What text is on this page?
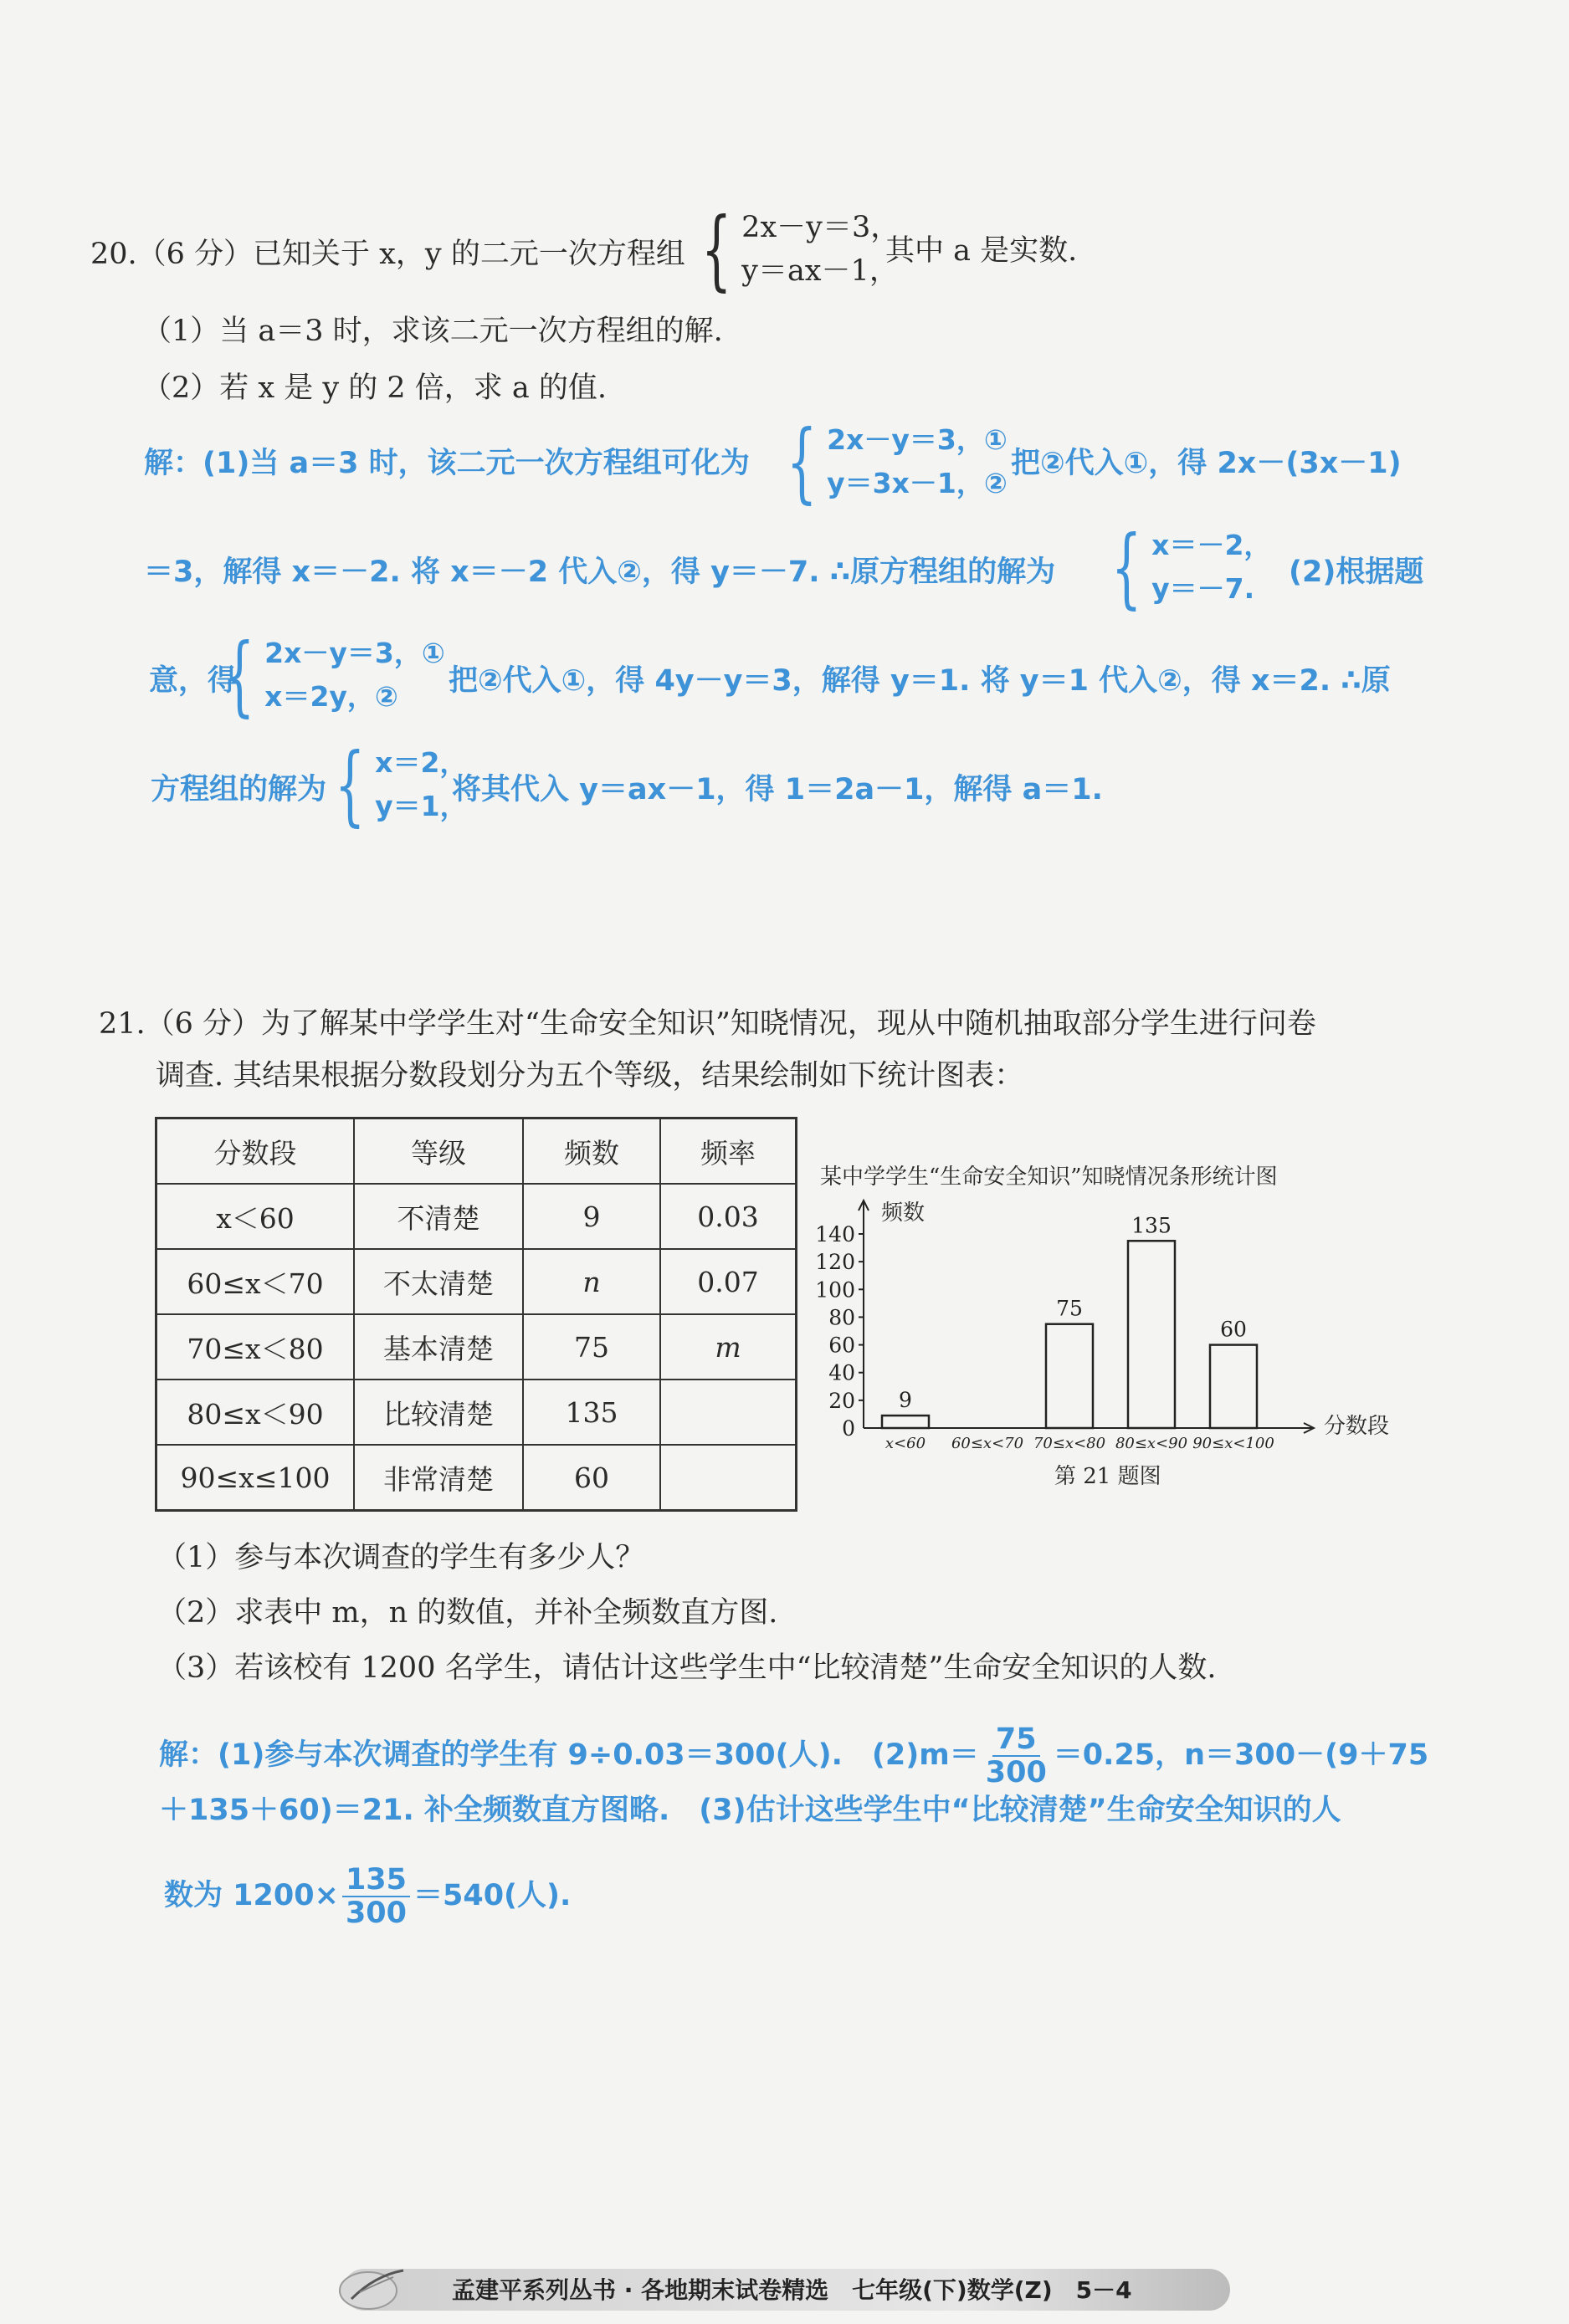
20.（6 分）已知关于 x，y 的二元一次方程组 { 2x－y＝3，
y＝ax－1，
其中 a 是实数.
（1）当 a＝3 时，求该二元一次方程组的解.
（2）若 x 是 y 的 2 倍，求 a 的值.
解：(1)当 a＝3 时，该二元一次方程组可化为 { 2x－y＝3，①
y＝3x－1，②
把②代入①，得 2x－(3x－1)
＝3，解得 x＝－2. 将 x＝－2 代入②，得 y＝－7. ∴原方程组的解为 { x＝－2，
y＝－7.	(2)根据题
意，得
{ 2x－y＝3，①
x＝2y，②	把②代入①，得 4y－y＝3，解得 y＝1. 将 y＝1 代入②，得 x＝2. ∴原
方程组的解为 { x＝2，
y＝1，
将其代入 y＝ax－1，得 1＝2a－1，解得 a＝1.
21.（6 分）为了解某中学学生对“生命安全知识”知晓情况，现从中随机抽取部分学生进行问卷
调查. 其结果根据分数段划分为五个等级，结果绘制如下统计图表：
分数段	等级	频数	频率
x＜60	不清楚	9	0.03
60≤x＜70	不太清楚	n	0.07
70≤x＜80	基本清楚	75	m
80≤x＜90	比较清楚	135	
90≤x≤100	非常清楚	60	
某中学学生“生命安全知识”知晓情况条形统计图
频数
分数段
第 21 题图
0
20
40
60
80
100
120
140
9
75
135
60
x<60 60≤x<70 70≤x<80 80≤x<90 90≤x<100
（1）参与本次调查的学生有多少人？
（2）求表中 m，n 的数值，并补全频数直方图.
（3）若该校有 1200 名学生，请估计这些学生中“比较清楚”生命安全知识的人数.
解：(1)参与本次调查的学生有 9÷0.03＝300(人).　$(2)m= \frac{75}{300} =0.25$，n＝300－(9＋75
＋135＋60)＝21. 补全频数直方图略.　(3)估计这些学生中“比较清楚”生命安全知识的人
数为 $1200\times \frac{135}{300} =540$(人).
孟建平系列丛书 · 各地期末试卷精选　七年级(下)数学(Z)　5－4
